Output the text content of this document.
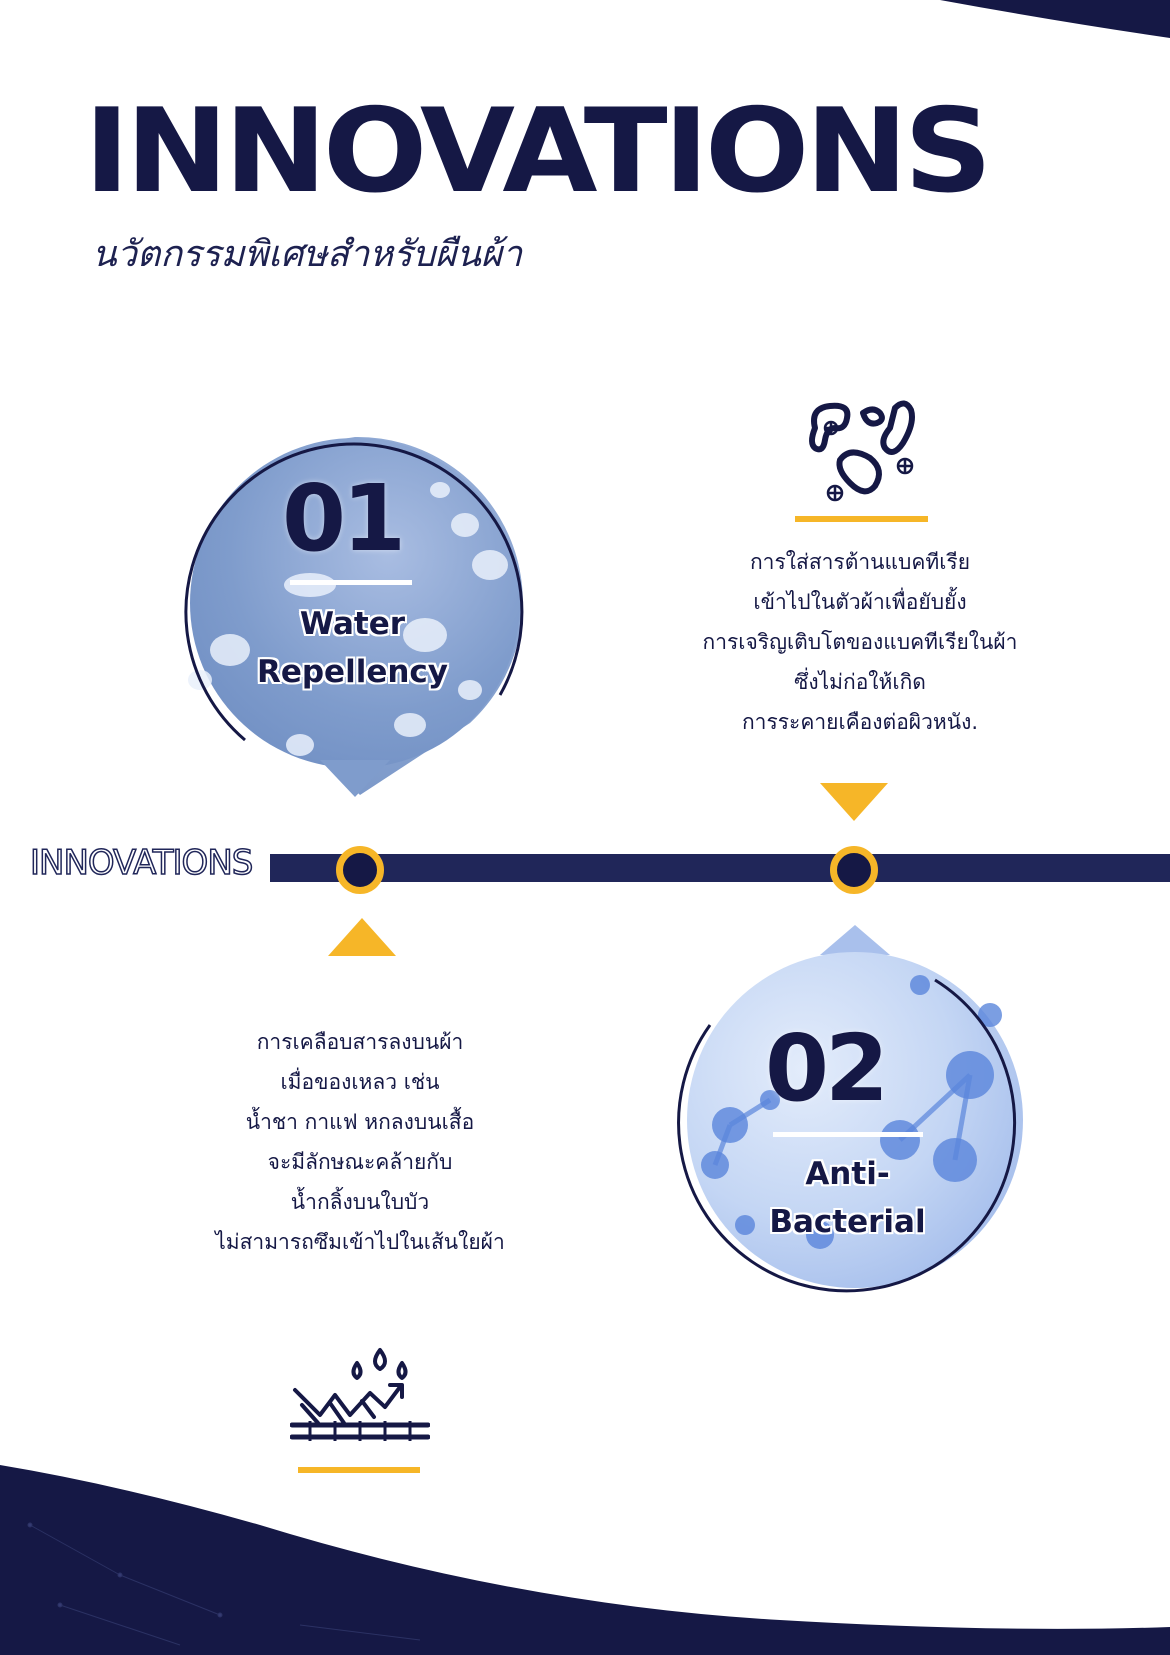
INNOVATIONS
นวัตกรรมพิเศษสำหรับผืนผ้า
01
Water
Repellency
การใส่สารต้านแบคทีเรีย
เข้าไปในตัวผ้าเพื่อยับยั้ง
การเจริญเติบโตของแบคทีเรียในผ้า
ซึ่งไม่ก่อให้เกิด
การระคายเคืองต่อผิวหนัง.
INNOVATIONS
การเคลือบสารลงบนผ้า
เมื่อของเหลว เช่น
น้ำชา กาแฟ หกลงบนเสื้อ
จะมีลักษณะคล้ายกับ
น้ำกลิ้งบนใบบัว
ไม่สามารถซึมเข้าไปในเส้นใยผ้า
02
Anti-
Bacterial
